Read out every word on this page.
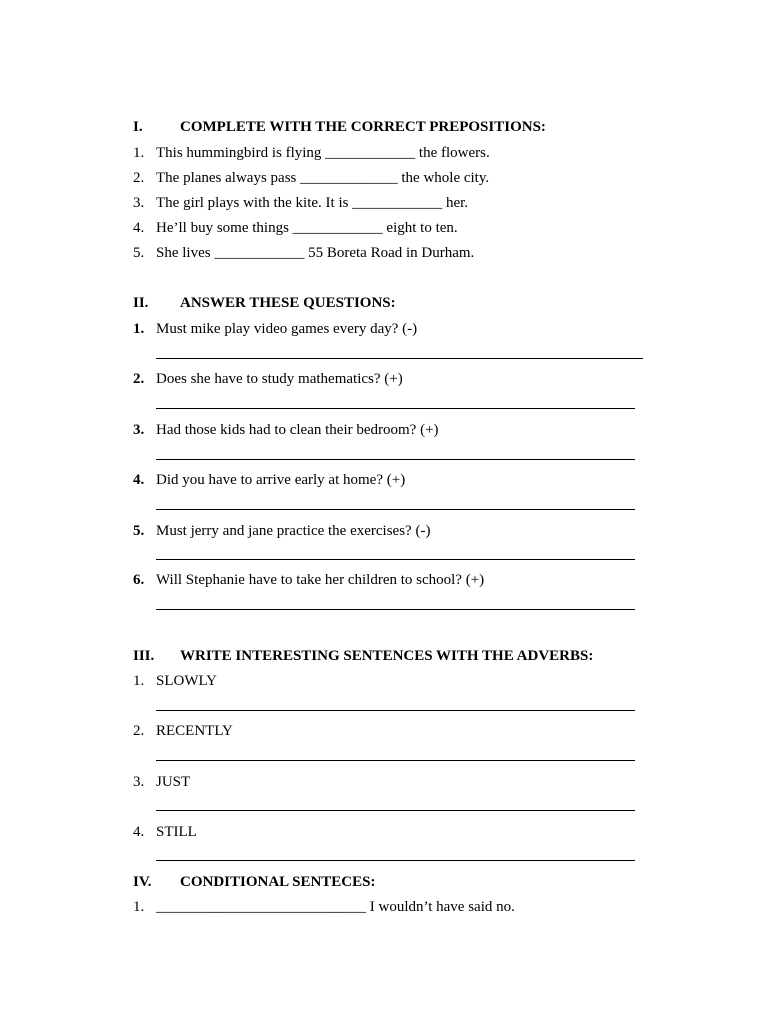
I. COMPLETE WITH THE CORRECT PREPOSITIONS:
1. This hummingbird is flying ____________ the flowers.
2. The planes always pass _____________ the whole city.
3. The girl plays with the kite. It is ____________ her.
4. He’ll buy some things ____________ eight to ten.
5. She lives ____________ 55 Boreta Road in Durham.
II. ANSWER THESE QUESTIONS:
1. Must mike play video games every day? (-)
2. Does she have to study mathematics? (+)
3. Had those kids had to clean their bedroom? (+)
4. Did you have to arrive early at home? (+)
5. Must jerry and jane practice the exercises? (-)
6. Will Stephanie have to take her children to school? (+)
III. WRITE INTERESTING SENTENCES WITH THE ADVERBS:
1. SLOWLY
2. RECENTLY
3. JUST
4. STILL
IV. CONDITIONAL SENTECES:
1. ____________________________ I wouldn’t have said no.
